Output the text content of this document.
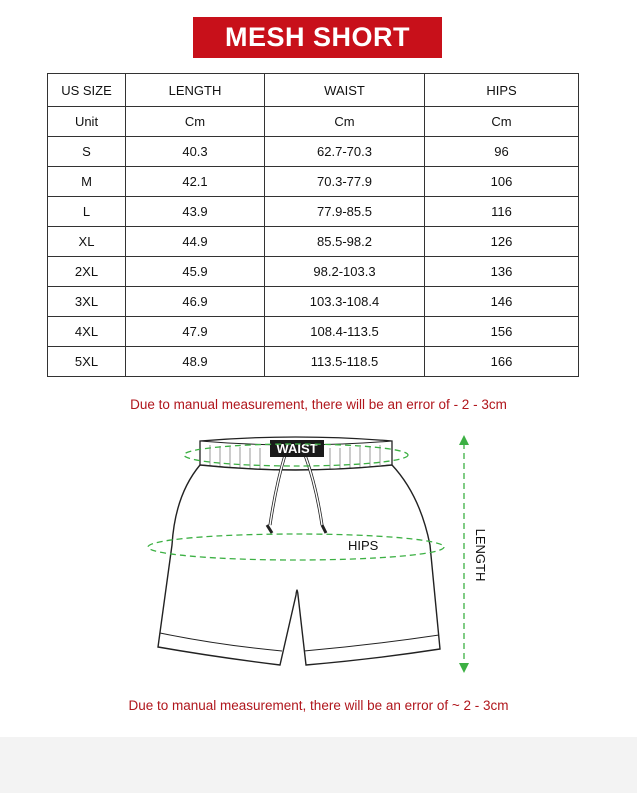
MESH SHORT
US SIZE	LENGTH	WAIST	HIPS
Unit	Cm	Cm	Cm
S	40.3	62.7-70.3	96
M	42.1	70.3-77.9	106
L	43.9	77.9-85.5	116
XL	44.9	85.5-98.2	126
2XL	45.9	98.2-103.3	136
3XL	46.9	103.3-108.4	146
4XL	47.9	108.4-113.5	156
5XL	48.9	113.5-118.5	166
Due to manual measurement, there will be an error of - 2 - 3cm
WAIST
HIPS	LENGTH
Due to manual measurement, there will be an error of ~ 2 - 3cm
